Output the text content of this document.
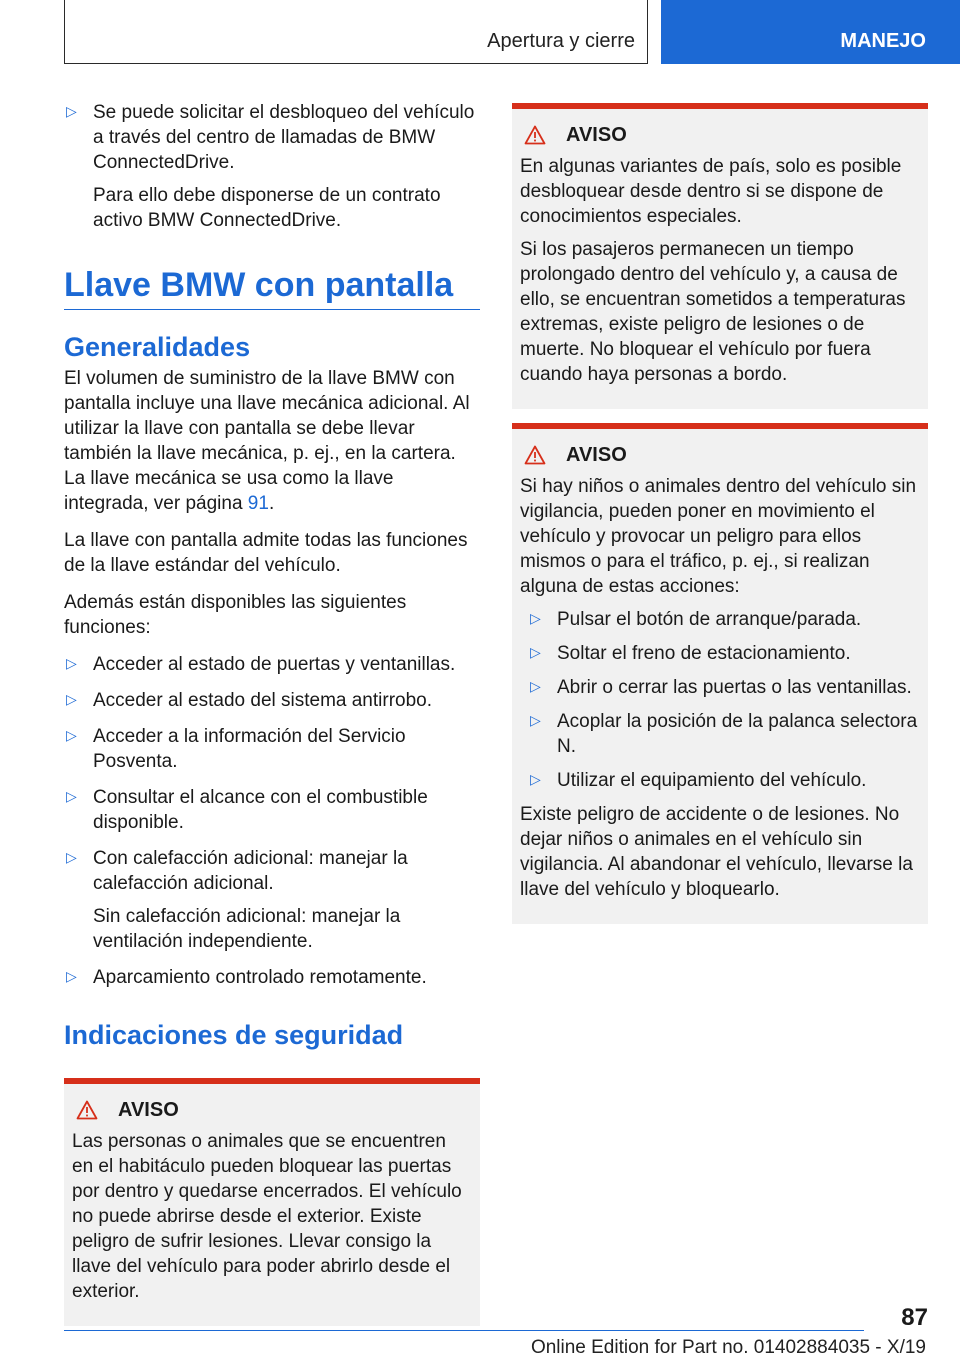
Apertura y cierre	MANEJO
▷ Se puede solicitar el desbloqueo del vehículo a través del centro de llamadas de BMW ConnectedDrive.

Para ello debe disponerse de un contrato activo BMW ConnectedDrive.

Llave BMW con pantalla
Generalidades

El volumen de suministro de la llave BMW con pantalla incluye una llave mecánica adicional. Al utilizar la llave con pantalla se debe llevar también la llave mecánica, p. ej., en la cartera. La llave mecánica se usa como la llave integrada, ver página 91.

La llave con pantalla admite todas las funciones de la llave estándar del vehículo.

Además están disponibles las siguientes funciones:

▷ Acceder al estado de puertas y ventanillas.

▷ Acceder al estado del sistema antirrobo.

▷ Acceder a la información del Servicio Posventa.

▷ Consultar el alcance con el combustible disponible.

▷ Con calefacción adicional: manejar la calefacción adicional.

Sin calefacción adicional: manejar la ventilación independiente.

▷ Aparcamiento controlado remotamente.

Indicaciones de seguridad
AVISO

Las personas o animales que se encuentren en el habitáculo pueden bloquear las puertas por dentro y quedarse encerrados. El vehículo no puede abrirse desde el exterior. Existe peligro de sufrir lesiones. Llevar consigo la llave del vehículo para poder abrirlo desde el exterior.

AVISO

En algunas variantes de país, solo es posible desbloquear desde dentro si se dispone de conocimientos especiales.

Si los pasajeros permanecen un tiempo prolongado dentro del vehículo y, a causa de ello, se encuentran sometidos a temperaturas extremas, existe peligro de lesiones o de muerte. No bloquear el vehículo por fuera cuando haya personas a bordo.

AVISO

Si hay niños o animales dentro del vehículo sin vigilancia, pueden poner en movimiento el vehículo y provocar un peligro para ellos mismos o para el tráfico, p. ej., si realizan alguna de estas acciones:

▷ Pulsar el botón de arranque/parada.

▷ Soltar el freno de estacionamiento.

▷ Abrir o cerrar las puertas o las ventanillas.

▷ Acoplar la posición de la palanca selectora N.

▷ Utilizar el equipamiento del vehículo.

Existe peligro de accidente o de lesiones. No dejar niños o animales en el vehículo sin vigilancia. Al abandonar el vehículo, llevarse la llave del vehículo y bloquearlo.

87
Online Edition for Part no. 01402884035 - X/19
